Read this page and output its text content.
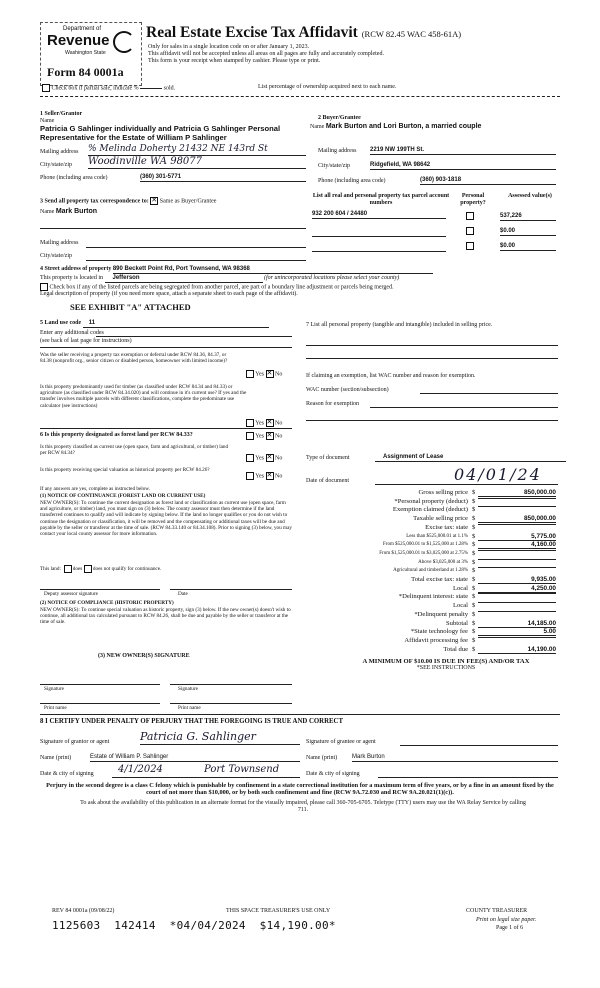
Department of
Revenue
Washington State
Form 84 0001a
Real Estate Excise Tax Affidavit (RCW 82.45 WAC 458-61A)
Only for sales in a single location code on or after January 1, 2023.
This affidavit will not be accepted unless all areas on all pages are fully and accurately completed.
This form is your receipt when stamped by cashier. Please type or print.
Check box if partial sale, indicate %	sold.	List percentage of ownership acquired next to each name.
1 Seller/Grantor
Name
Patricia G Sahlinger individually and Patricia G Sahlinger Personal Representative for the Estate of William P Sahlinger
Mailing address % Melinda Doherty 21432 NE 143rd St
City/state/zip Woodinville WA 98077
Phone (including area code)	(360) 301-5771
2 Buyer/Grantee
Name Mark Burton and Lori Burton, a married couple
Mailing address 2219 NW 199TH St.
City/state/zip	Ridgefield, WA 98642
Phone (including area code)	(360) 903-1818
3 Send all property tax correspondence to: ✕ Same as Buyer/Grantee
Name Mark Burton
Mailing address
City/state/zip
List all real and personal property tax parcel account numbers
Personal property?
Assessed value(s)
932 200 604 / 24480	537,226
$0.00
$0.00
4 Street address of property 890 Beckett Point Rd, Port Townsend, WA 98368
This property is located in Jefferson	(for unincorporated locations please select your county)
Check box if any of the listed parcels are being segregated from another parcel, are part of a boundary line adjustment or parcels being merged.
Legal description of property (if you need more space, attach a separate sheet to each page of the affidavit).
SEE EXHIBIT "A" ATTACHED
5 Land use code 11
Enter any additional codes
(see back of last page for instructions)
Was the seller receiving a property tax exemption or deferral under RCW 84.36, 84.37, or 84.38 (nonprofit org., senior citizen or disabled person, homeowner with limited income)?
Yes ✕ No
Is this property predominantly used for timber (as classified under RCW 84.34 and 84.33) or agriculture (as classified under RCW 84.34.020) and will continue in it's current use? If yes and the transfer involves multiple parcels with different classifications, complete the predominate use calculator (see instructions)
Yes ✕ No
6 Is this property designated as forest land per RCW 84.33?	Yes ✕ No
Is this property classified as current use (open space, farm and agricultural, or timber) land per RCW 84.34?
Yes ✕ No
Is this property receiving special valuation as historical property per RCW 84.26?
Yes ✕ No
If any answers are yes, complete as instructed below.
(1) NOTICE OF CONTINUANCE (FOREST LAND OR CURRENT USE)
NEW OWNER(S): To continue the current designation as forest land or classification as current use (open space, farm and agriculture, or timber) land, you must sign on (3) below. The county assessor must then determine if the land transferred continues to qualify and will indicate by signing below. If the land no longer qualifies or you do not wish to continue the designation or classification, it will be removed and the compensating or additional taxes will be due and payable by the seller or transferor at the time of sale. (RCW 84.33.140 or 84.34.108). Prior to signing (3) below, you may contact your local county assessor for more information.
This land: does does not qualify for continuance.
Deputy assessor signature	Date
(2) NOTICE OF COMPLIANCE (HISTORIC PROPERTY)
NEW OWNER(S): To continue special valuation as historic property, sign (3) below. If the new owner(s) doesn't wish to continue, all additional tax calculated pursuant to RCW 84.26, shall be due and payable by the seller or transferor at the time of sale.
(3) NEW OWNER(S) SIGNATURE
Signature	Signature
Print name	Print name
7 List all personal property (tangible and intangible) included in selling price.
If claiming an exemption, list WAC number and reason for exemption.
WAC number (section/subsection)
Reason for exemption
Type of document	Assignment of Lease
Date of document	04/01/24
Gross selling price $	850,000.00
*Personal property (deduct) $
Exemption claimed (deduct) $
Taxable selling price $	850,000.00
Excise tax: state $
Less than $525,000.01 at 1.1% $	5,775.00
From $525,000.01 to $1,525,000 at 1.28% $	4,160.00
From $1,525,000.01 to $3,025,000 at 2.75% $
Above $3,025,000 at 3% $
Agricultural and timberland at 1.28% $
Total excise tax: state $	9,935.00
Local $	4,250.00
*Delinquent interest: state $
Local $
*Delinquent penalty $
Subtotal $	14,185.00
*State technology fee $	5.00
Affidavit processing fee $
Total due $	14,190.00
A MINIMUM OF $10.00 IS DUE IN FEE(S) AND/OR TAX
*SEE INSTRUCTIONS
8 I CERTIFY UNDER PENALTY OF PERJURY THAT THE FOREGOING IS TRUE AND CORRECT
Signature of grantor or agent	Patricia G. Sahlinger	Signature of grantee or agent
Name (print)	Estate of William P. Sahlinger	Name (print) Mark Burton
Date & city of signing 4/1/2024	Port Townsend	Date & city of signing
Perjury in the second degree is a class C felony which is punishable by confinement in a state correctional institution for a maximum term of five years, or by a fine in an amount fixed by the court of not more than $10,000, or by both such confinement and fine (RCW 9A.72.030 and RCW 9A.20.021(1)(c)).
To ask about the availability of this publication in an alternate format for the visually impaired, please call 360-705-6705. Teletype (TTY) users may use the WA Relay Service by calling 711.
REV 84 0001a (09/08/22)	THIS SPACE TREASURER'S USE ONLY	COUNTY TREASURER
Print on legal size paper.
Page 1 of 6
1125603  142414  *04/04/2024  $14,190.00*
